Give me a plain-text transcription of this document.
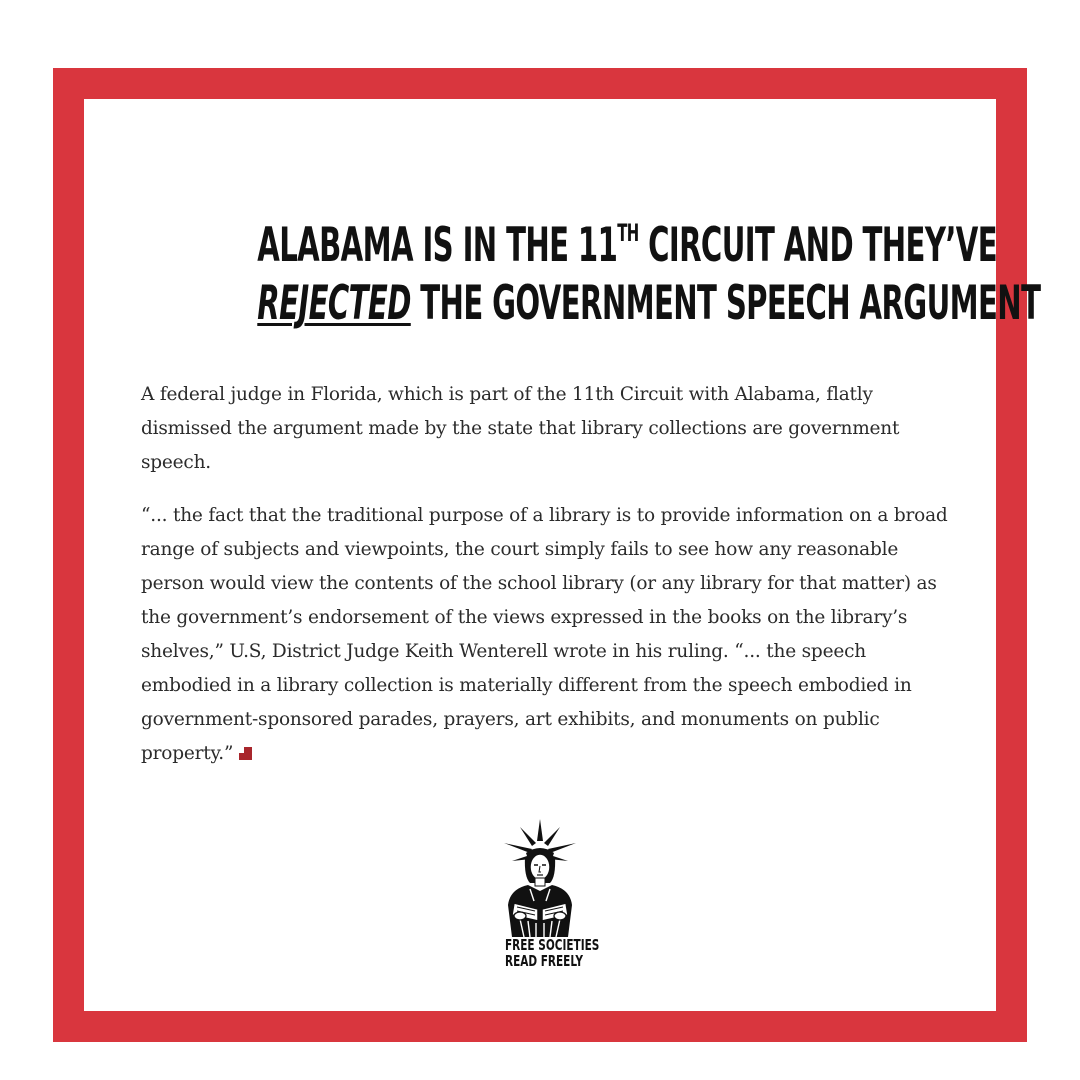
ALABAMA IS IN THE 11TH CIRCUIT AND THEY’VE
REJECTED THE GOVERNMENT SPEECH ARGUMENT

A federal judge in Florida, which is part of the 11th Circuit with Alabama, flatly dismissed the argument made by the state that library collections are government speech.

“... the fact that the traditional purpose of a library is to provide information on a broad range of subjects and viewpoints, the court simply fails to see how any reasonable person would view the contents of the school library (or any library for that matter) as the government’s endorsement of the views expressed in the books on the library’s shelves,” U.S, District Judge Keith Wenterell wrote in his ruling. “... the speech embodied in a library collection is materially different from the speech embodied in government-sponsored parades, prayers, art exhibits, and monuments on public property.”

FREE SOCIETIES
READ FREELY
